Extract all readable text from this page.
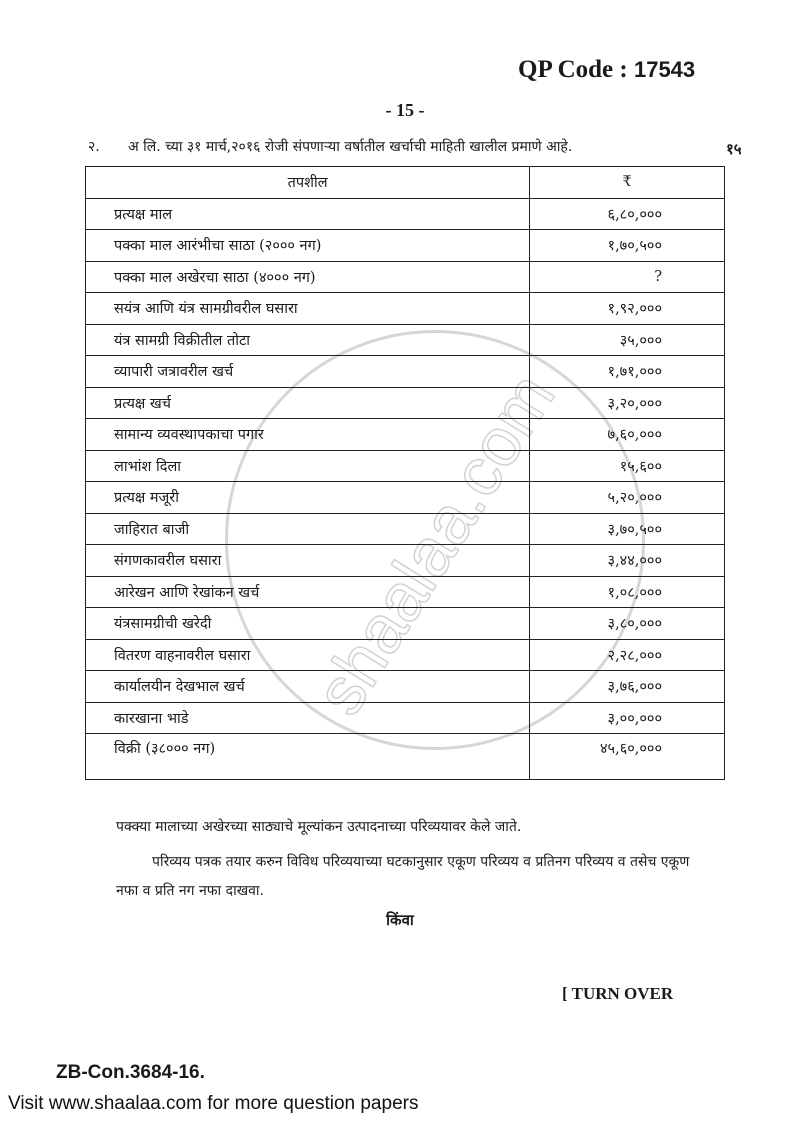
shaalaa.com
QP Code : 17543
- 15 -
२. अ लि. च्या ३१ मार्च,२०१६ रोजी संपणाऱ्या वर्षातील खर्चाची माहिती खालील प्रमाणे आहे.	१५
तपशील	₹
प्रत्यक्ष माल	६,८०,०००
पक्का माल आरंभीचा साठा (२००० नग)	१,७०,५००
पक्का माल अखेरचा साठा (४००० नग)	?
सयंत्र आणि यंत्र सामग्रीवरील घसारा	१,९२,०००
यंत्र सामग्री विक्रीतील तोटा	३५,०००
व्यापारी जत्रावरील खर्च	१,७१,०००
प्रत्यक्ष खर्च	३,२०,०००
सामान्य व्यवस्थापकाचा पगार	७,६०,०००
लाभांश दिला	१५,६००
प्रत्यक्ष मजूरी	५,२०,०००
जाहिरात बाजी	३,७०,५००
संगणकावरील घसारा	३,४४,०००
आरेखन आणि रेखांकन खर्च	१,०८,०००
यंत्रसामग्रीची खरेदी	३,८०,०००
वितरण वाहनावरील घसारा	२,२८,०००
कार्यालयीन देखभाल खर्च	३,७६,०००
कारखाना भाडे	३,००,०००
विक्री (३८००० नग)	४५,६०,०००
पक्क्या मालाच्या अखेरच्या साठ्याचे मूल्यांकन उत्पादनाच्या परिव्ययावर केले जाते.
परिव्यय पत्रक तयार करुन विविध परिव्ययाच्या घटकानुसार एकूण परिव्यय व प्रतिनग परिव्यय व तसेच एकूण नफा व प्रति नग नफा दाखवा.
किंवा
[ TURN OVER
ZB-Con.3684-16.
Visit www.shaalaa.com for more question papers
